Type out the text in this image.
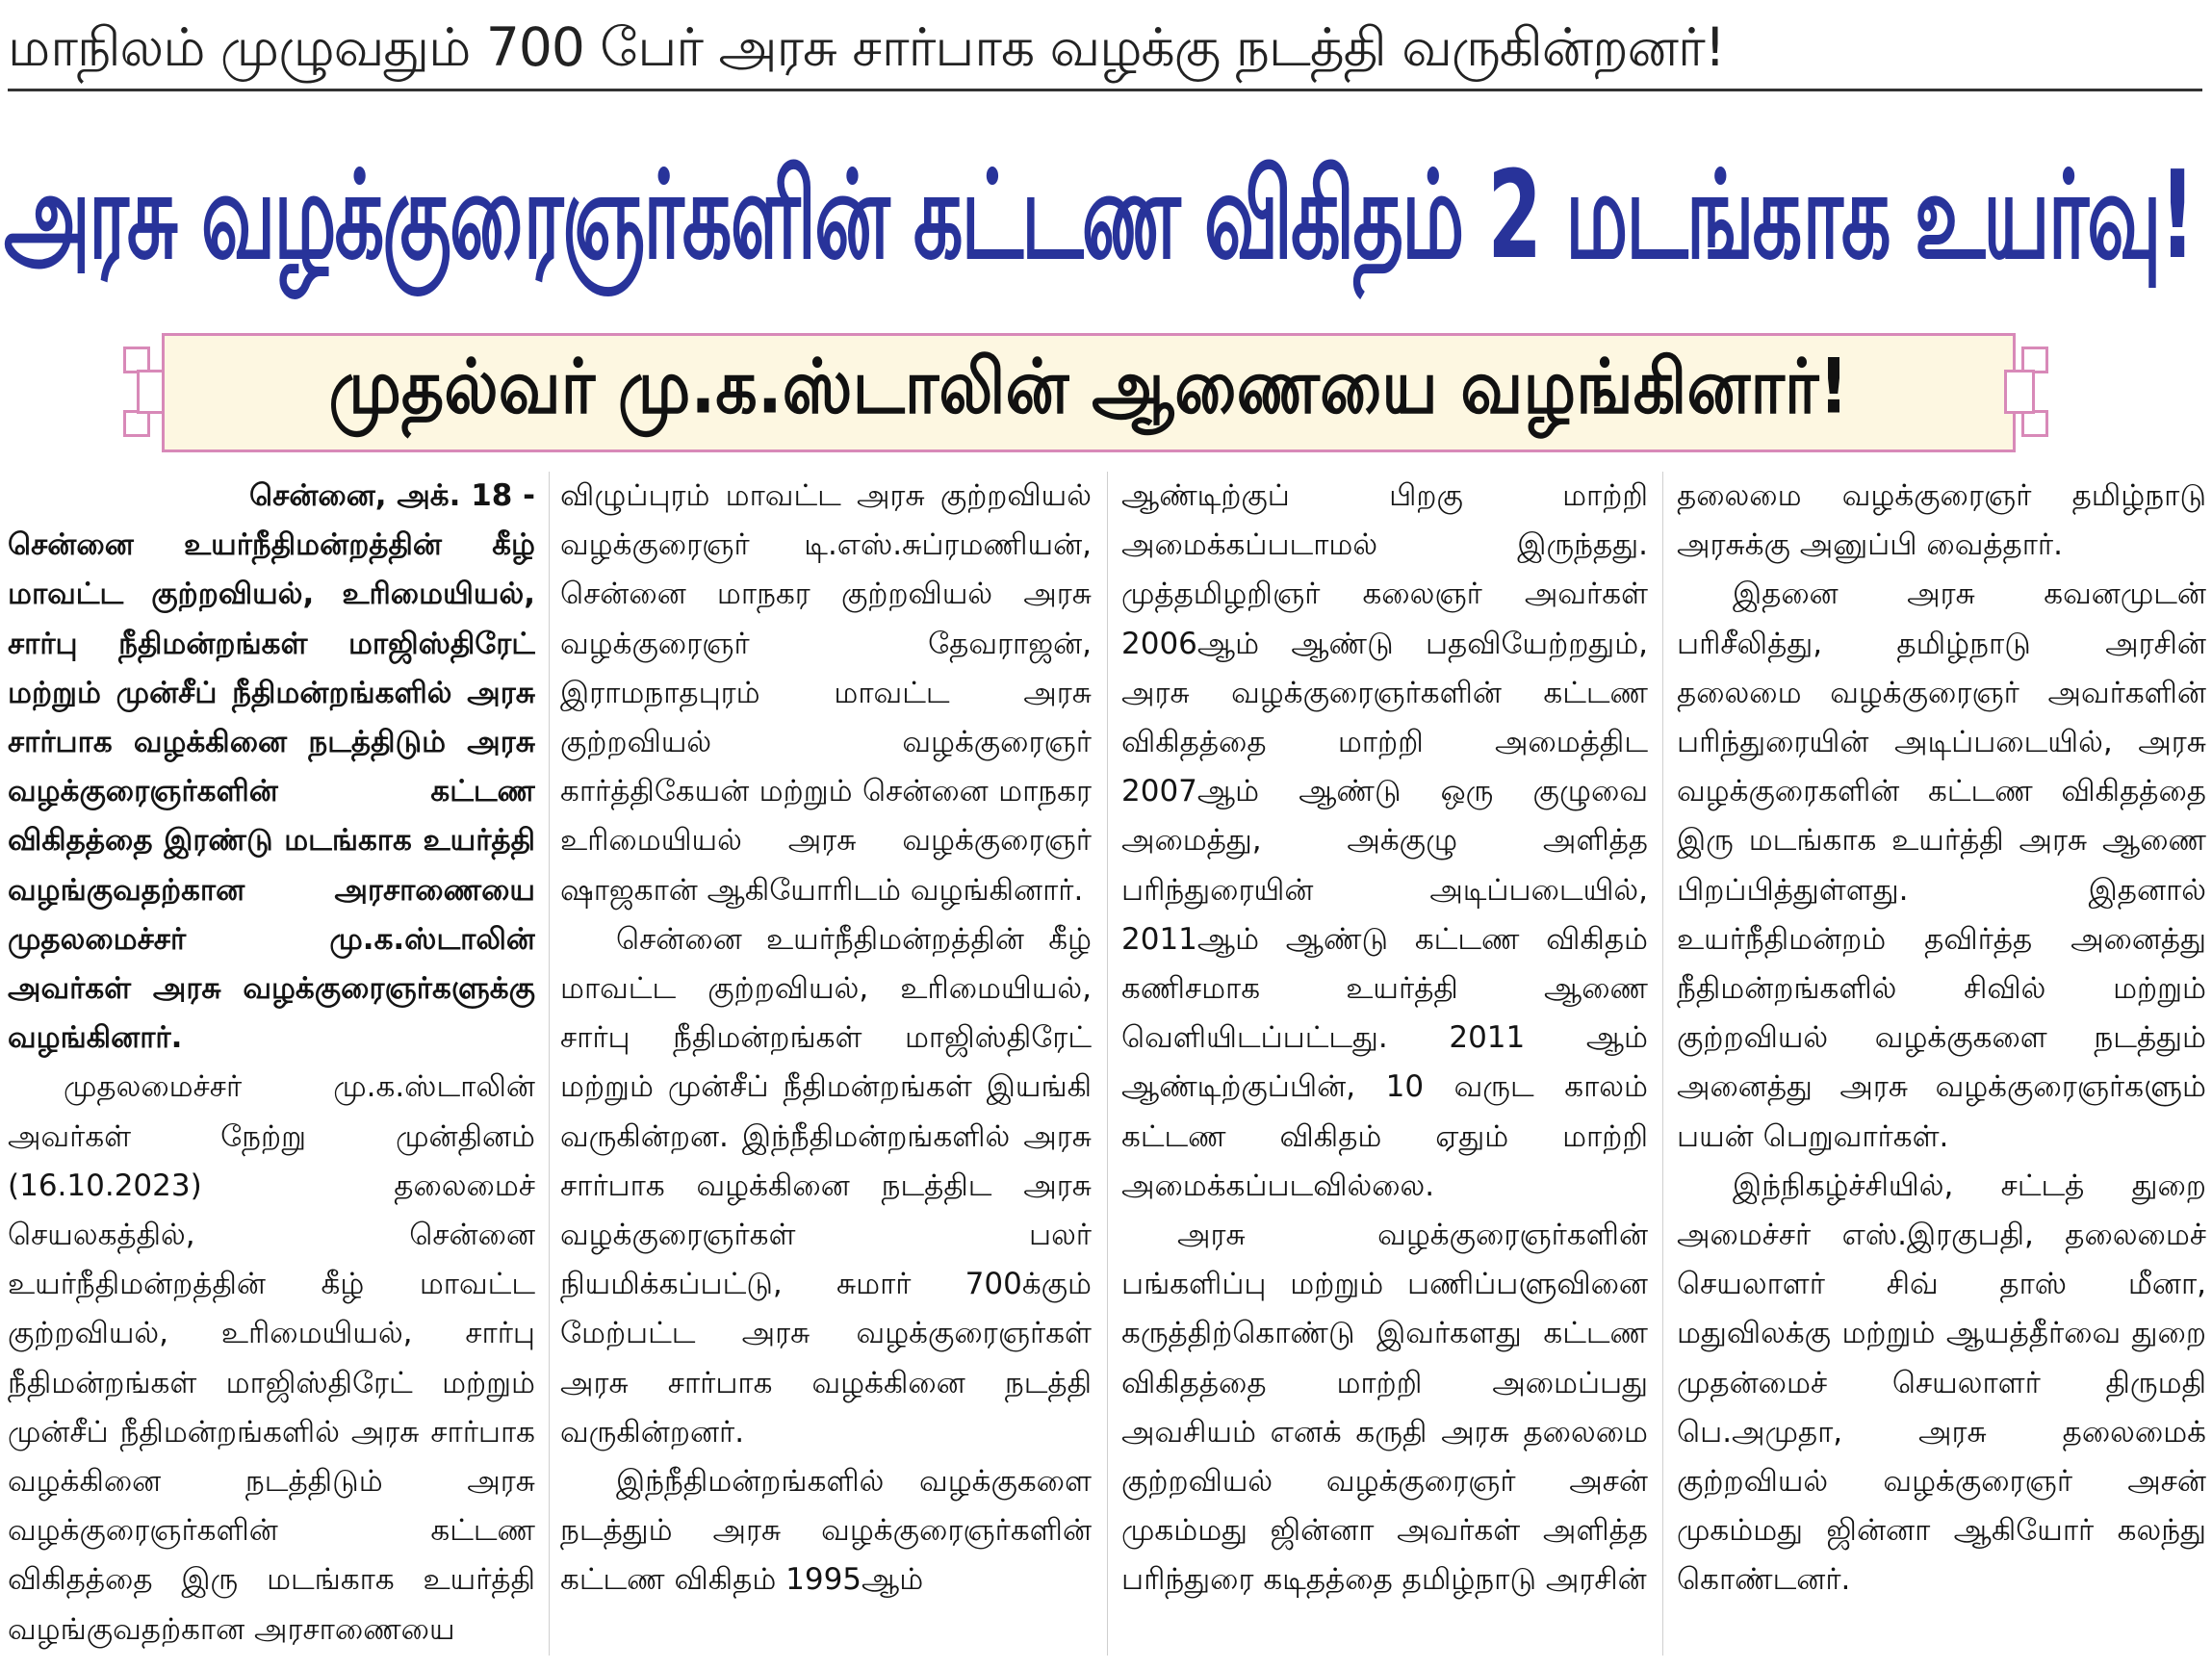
மாநிலம் முழுவதும் 700 பேர் அரசு சார்பாக வழக்கு நடத்தி வருகின்றனர்!
அரசு வழக்குரைஞர்களின் கட்டண விகிதம் 2 மடங்காக உயர்வு!
முதல்வர் மு.க.ஸ்டாலின் ஆணையை வழங்கினார்!

சென்னை, அக். 18 -

சென்னை உயர்நீதிமன்றத்தின் கீழ் மாவட்ட குற்றவியல், உரிமையியல், சார்பு நீதிமன்றங்கள் மாஜிஸ்திரேட் மற்றும் முன்சீப் நீதிமன்றங்களில் அரசு சார்பாக வழக்கினை நடத்திடும் அரசு வழக்குரைஞர்களின் கட்டண விகிதத்தை இரண்டு மடங்காக உயர்த்தி வழங்குவதற்கான அரசாணையை முதலமைச்சர் மு.க.ஸ்டாலின் அவர்கள் அரசு வழக்குரைஞர்களுக்கு வழங்கினார்.

முதலமைச்சர் மு.க.ஸ்டாலின் அவர்கள் நேற்று முன்தினம் (16.10.2023) தலைமைச் செயலகத்தில், சென்னை உயர்நீதிமன்றத்தின் கீழ் மாவட்ட குற்றவியல், உரிமையியல், சார்பு நீதிமன்றங்கள் மாஜிஸ்திரேட் மற்றும் முன்சீப் நீதிமன்றங்களில் அரசு சார்பாக வழக்கினை நடத்திடும் அரசு வழக்குரைஞர்களின் கட்டண விகிதத்தை இரு மடங்காக உயர்த்தி வழங்குவதற்கான அரசாணையை

விழுப்புரம் மாவட்ட அரசு குற்றவியல் வழக்குரைஞர் டி.எஸ்.சுப்ரமணியன், சென்னை மாநகர குற்றவியல் அரசு வழக்குரைஞர் தேவராஜன், இராமநாதபுரம் மாவட்ட அரசு குற்றவியல் வழக்குரைஞர் கார்த்திகேயன் மற்றும் சென்னை மாநகர உரிமையியல் அரசு வழக்குரைஞர் ஷாஜகான் ஆகியோரிடம் வழங்கினார்.

சென்னை உயர்நீதிமன்றத்தின் கீழ் மாவட்ட குற்றவியல், உரிமையியல், சார்பு நீதிமன்றங்கள் மாஜிஸ்திரேட் மற்றும் முன்சீப் நீதிமன்றங்கள் இயங்கி வருகின்றன. இந்நீதிமன்றங்களில் அரசு சார்பாக வழக்கினை நடத்திட அரசு வழக்குரைஞர்கள் பலர் நியமிக்கப்பட்டு, சுமார் 700க்கும் மேற்பட்ட அரசு வழக்குரைஞர்கள் அரசு சார்பாக வழக்கினை நடத்தி வருகின்றனர்.

இந்நீதிமன்றங்களில் வழக்குகளை நடத்தும் அரசு வழக்குரைஞர்களின் கட்டண விகிதம் 1995ஆம்

ஆண்டிற்குப் பிறகு மாற்றி அமைக்கப்படாமல் இருந்தது. முத்தமிழறிஞர் கலைஞர் அவர்கள் 2006ஆம் ஆண்டு பதவியேற்றதும், அரசு வழக்குரைஞர்களின் கட்டண விகிதத்தை மாற்றி அமைத்திட 2007ஆம் ஆண்டு ஒரு குழுவை அமைத்து, அக்குழு அளித்த பரிந்துரையின் அடிப்படையில், 2011ஆம் ஆண்டு கட்டண விகிதம் கணிசமாக உயர்த்தி ஆணை வெளியிடப்பட்டது. 2011 ஆம் ஆண்டிற்குப்பின், 10 வருட காலம் கட்டண விகிதம் ஏதும் மாற்றி அமைக்கப்படவில்லை.

அரசு வழக்குரைஞர்களின் பங்களிப்பு மற்றும் பணிப்பளுவினை கருத்திற்கொண்டு இவர்களது கட்டண விகிதத்தை மாற்றி அமைப்பது அவசியம் எனக் கருதி அரசு தலைமை குற்றவியல் வழக்குரைஞர் அசன் முகம்மது ஜின்னா அவர்கள் அளித்த பரிந்துரை கடிதத்தை தமிழ்நாடு அரசின்

தலைமை வழக்குரைஞர் தமிழ்நாடு அரசுக்கு அனுப்பி வைத்தார்.

இதனை அரசு கவனமுடன் பரிசீலித்து, தமிழ்நாடு அரசின் தலைமை வழக்குரைஞர் அவர்களின் பரிந்துரையின் அடிப்படையில், அரசு வழக்குரைகளின் கட்டண விகிதத்தை இரு மடங்காக உயர்த்தி அரசு ஆணை பிறப்பித்துள்ளது. இதனால் உயர்நீதிமன்றம் தவிர்த்த அனைத்து நீதிமன்றங்களில் சிவில் மற்றும் குற்றவியல் வழக்குகளை நடத்தும் அனைத்து அரசு வழக்குரைஞர்களும் பயன் பெறுவார்கள்.

இந்நிகழ்ச்சியில், சட்டத் துறை அமைச்சர் எஸ்.இரகுபதி, தலைமைச் செயலாளர் சிவ் தாஸ் மீனா, மதுவிலக்கு மற்றும் ஆயத்தீர்வை துறை முதன்மைச் செயலாளர் திருமதி பெ.அமுதா, அரசு தலைமைக் குற்றவியல் வழக்குரைஞர் அசன் முகம்மது ஜின்னா ஆகியோர் கலந்து கொண்டனர்.
